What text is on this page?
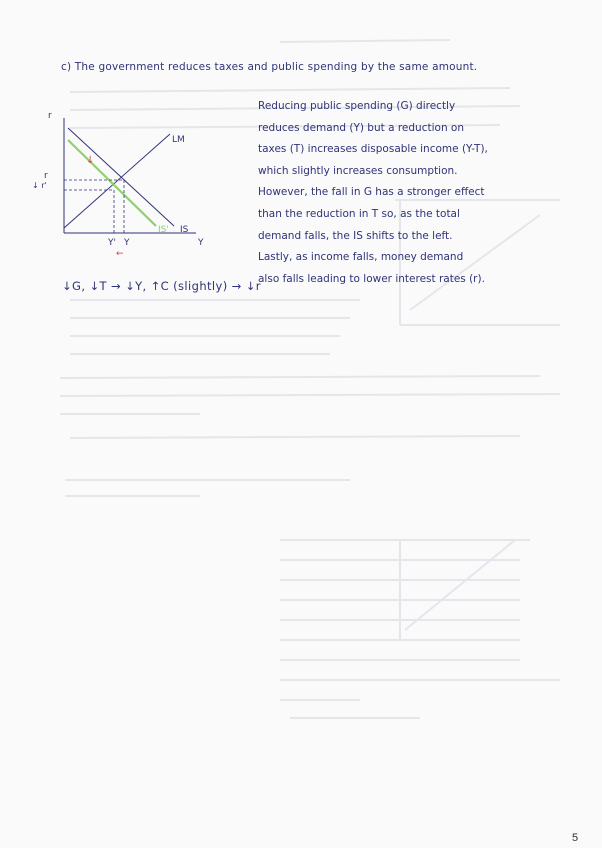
c) The government reduces taxes and public spending by the same amount.
r
Y
LM
IS
IS'
r
↓ r'
Y
Y'
↓
←
Reducing public spending (G) directly
reduces demand (Y) but a reduction on
taxes (T) increases disposable income (Y-T),
which slightly increases consumption.
However, the fall in G has a stronger effect
than the reduction in T so, as the total
demand falls, the IS shifts to the left.
Lastly, as income falls, money demand
also falls leading to lower interest rates (r).
↓G, ↓T → ↓Y, ↑C (slightly) → ↓r
5
